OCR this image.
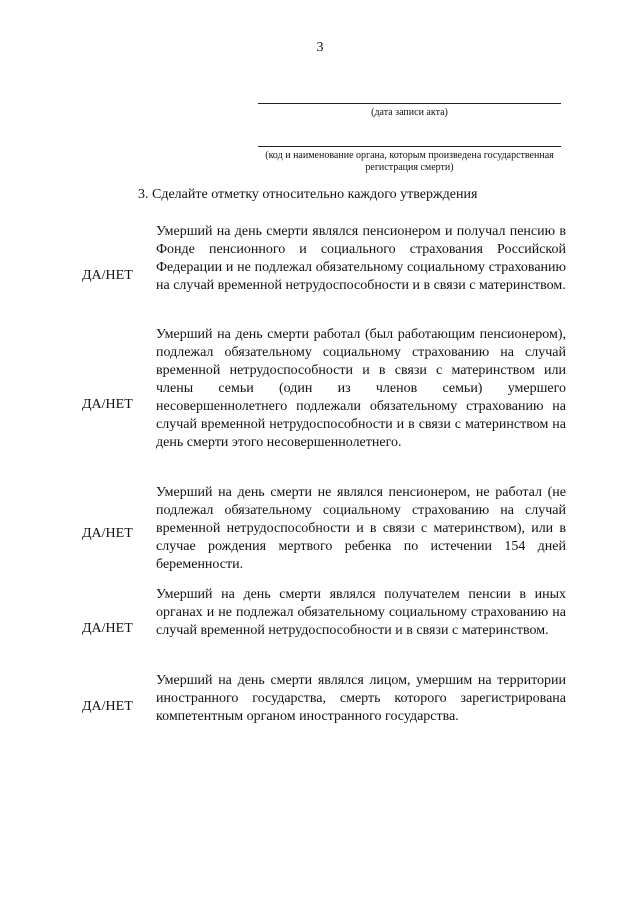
3
(дата записи акта)
(код и наименование органа, которым произведена государственная регистрация смерти)
3. Сделайте отметку относительно каждого утверждения
ДА/НЕТ

Умерший на день смерти являлся пенсионером и получал пенсию в Фонде пенсионного и социального страхования Российской Федерации и не подлежал обязательному социальному страхованию на случай временной нетрудоспособности и в связи с материнством.

ДА/НЕТ

Умерший на день смерти работал (был работающим пенсионером), подлежал обязательному социальному страхованию на случай временной нетрудоспособности и в связи с материнством или члены семьи (один из членов семьи) умершего несовершеннолетнего подлежали обязательному страхованию на случай временной нетрудоспособности и в связи с материнством на день смерти этого несовершеннолетнего.

ДА/НЕТ

Умерший на день смерти не являлся пенсионером, не работал (не подлежал обязательному социальному страхованию на случай временной нетрудоспособности и в связи с материнством), или в случае рождения мертвого ребенка по истечении 154 дней беременности.

ДА/НЕТ

Умерший на день смерти являлся получателем пенсии в иных органах и не подлежал обязательному социальному страхованию на случай временной нетрудоспособности и в связи с материнством.

ДА/НЕТ

Умерший на день смерти являлся лицом, умершим на территории иностранного государства, смерть которого зарегистрирована компетентным органом иностранного государства.
